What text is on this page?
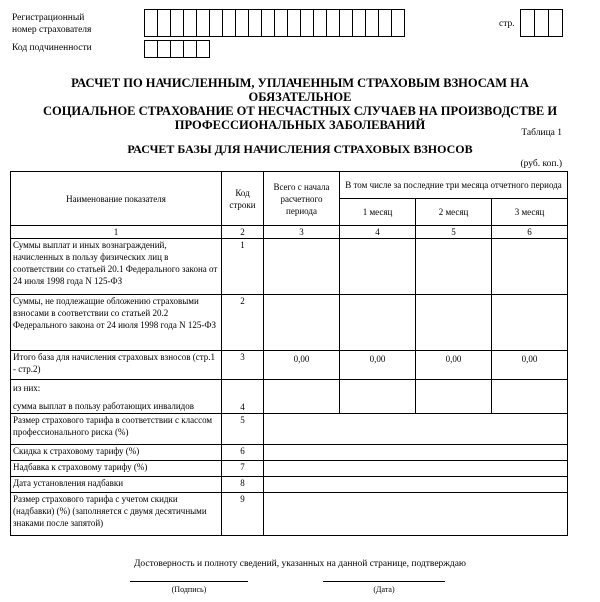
Регистрационный
номер страхователя
стр.
Код подчиненности
РАСЧЕТ ПО НАЧИСЛЕННЫМ, УПЛАЧЕННЫМ СТРАХОВЫМ ВЗНОСАМ НА ОБЯЗАТЕЛЬНОЕ
СОЦИАЛЬНОЕ СТРАХОВАНИЕ ОТ НЕСЧАСТНЫХ СЛУЧАЕВ НА ПРОИЗВОДСТВЕ И
ПРОФЕССИОНАЛЬНЫХ ЗАБОЛЕВАНИЙ
Таблица 1
РАСЧЕТ БАЗЫ ДЛЯ НАЧИСЛЕНИЯ СТРАХОВЫХ ВЗНОСОВ
(руб. коп.)
Наименование показателя	Код строки	Всего с начала расчетного периода	В том числе за последние три месяца отчетного периода		
			1 месяц	2 месяц	3 месяц
1	2	3	4	5	6
Суммы выплат и иных вознаграждений, начисленных в пользу физических лиц в соответствии со статьей 20.1 Федерального закона от 24 июля 1998 года N 125-ФЗ	1				
Суммы, не подлежащие обложению страховыми взносами в соответствии со статьей 20.2 Федерального закона от 24 июля 1998 года N 125-ФЗ	2				
Итого база для начисления страховых взносов (стр.1 - стр.2)	3	0,00	0,00	0,00	0,00

из них:
сумма выплат в пользу работающих инвалидов	4				
Размер страхового тарифа в соответствии с классом профессионального риска (%)	5				
Скидка к страховому тарифу (%)	6				
Надбавка к страховому тарифу (%)	7				
Дата установления надбавки	8				
Размер страхового тарифа с учетом скидки (надбавки) (%) (заполняется с двумя десятичными знаками после запятой)	9				
Достоверность и полноту сведений, указанных на данной странице, подтверждаю
(Подпись)	(Дата)
